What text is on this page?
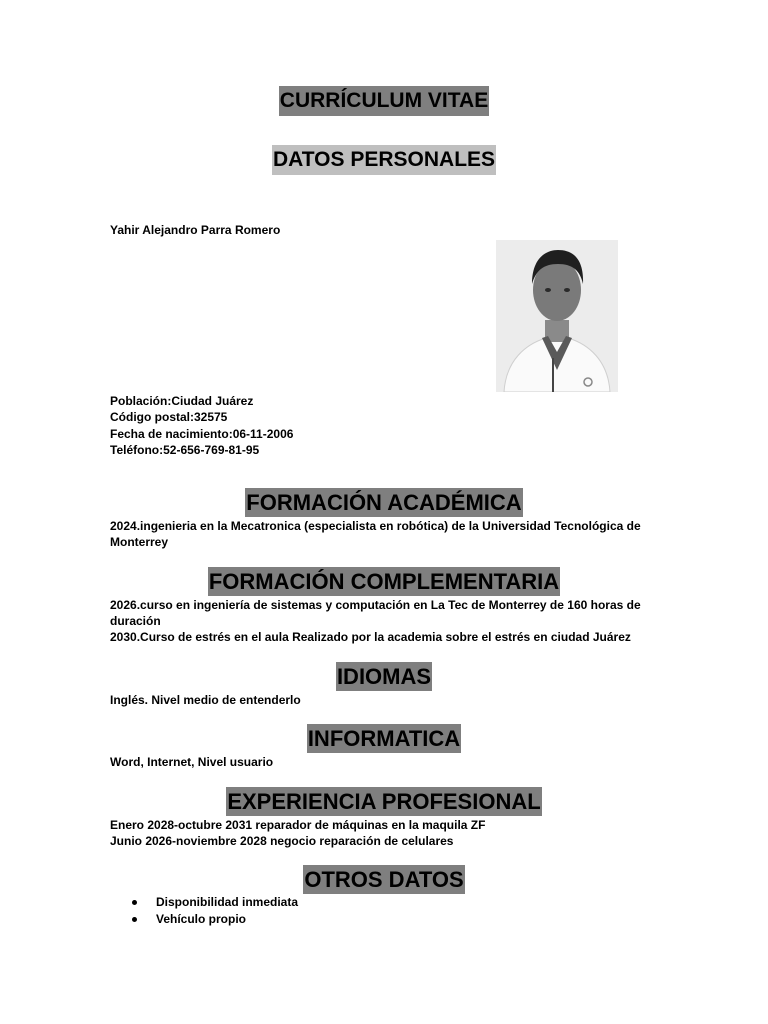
CURRÍCULUM VITAE
DATOS PERSONALES
Yahir Alejandro Parra Romero
Población:Ciudad Juárez
Código postal:32575
Fecha de nacimiento:06-11-2006
Teléfono:52-656-769-81-95
FORMACIÓN ACADÉMICA
2024.ingenieria en la Mecatronica (especialista en robótica) de la Universidad Tecnológica de Monterrey
FORMACIÓN COMPLEMENTARIA
2026.curso en ingeniería de sistemas y computación en La Tec de Monterrey de 160 horas de duración
2030.Curso de estrés en el aula Realizado por la academia sobre el estrés en ciudad Juárez
IDIOMAS
Inglés. Nivel medio de entenderlo
INFORMATICA
Word, Internet, Nivel usuario
EXPERIENCIA PROFESIONAL
Enero 2028-octubre 2031 reparador de máquinas en la maquila ZF
Junio 2026-noviembre 2028 negocio reparación de celulares
OTROS DATOS
Disponibilidad inmediata
Vehículo propio
